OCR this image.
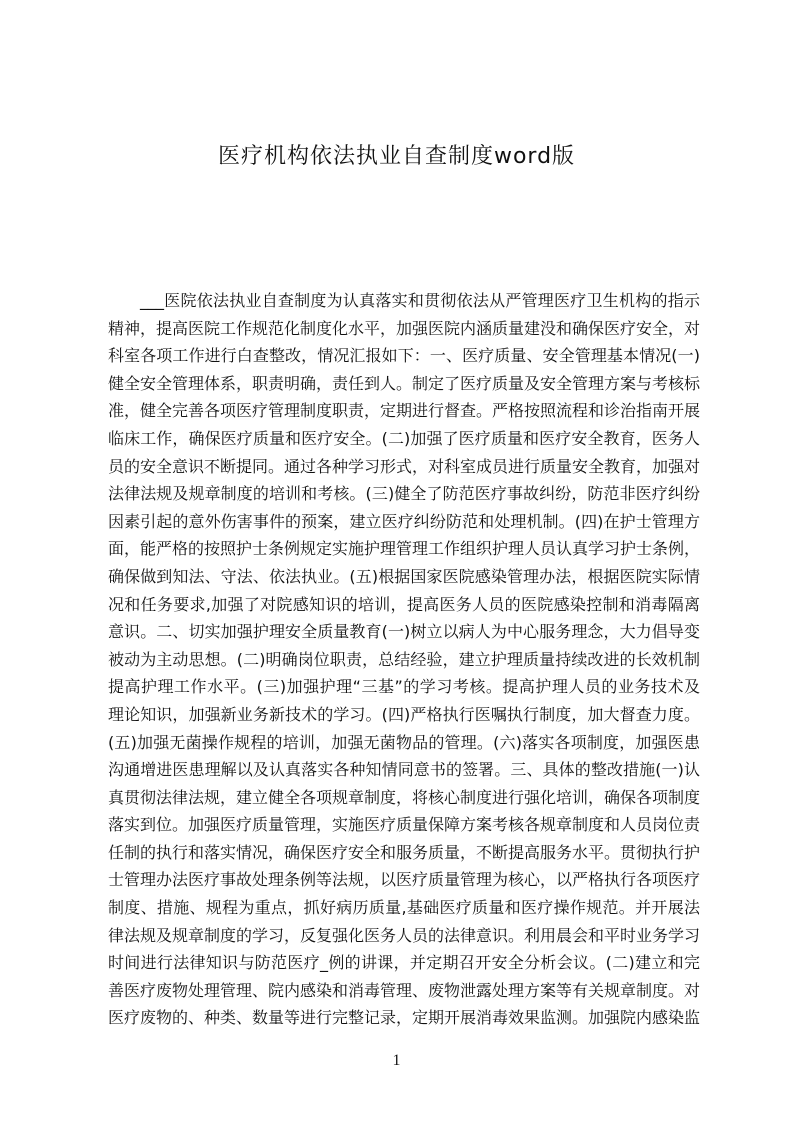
医疗机构依法执业自查制度word版
___医院依法执业自查制度为认真落实和贯彻依法从严管理医疗卫生机构的指示
精神，提高医院工作规范化制度化水平，加强医院内涵质量建没和确保医疗安全，对
科室各项工作进行白查整改，情况汇报如下：一、医疗质量、安全管理基本情况(一)
健全安全管理体系，职责明确，责任到人。制定了医疗质量及安全管理方案与考核标
准，健全完善各项医疗管理制度职责，定期进行督查。严格按照流程和诊治指南开展
临床工作，确保医疗质量和医疗安全。(二)加强了医疗质量和医疗安全教育，医务人
员的安全意识不断提同。通过各种学习形式，对科室成员进行质量安全教育，加强对
法律法规及规章制度的培训和考核。(三)健全了防范医疗事故纠纷，防范非医疗纠纷
因素引起的意外伤害事件的预案，建立医疗纠纷防范和处理机制。(四)在护士管理方
面，能严格的按照护士条例规定实施护理管理工作组织护理人员认真学习护士条例，
确保做到知法、守法、依法执业。(五)根据国家医院感染管理办法，根据医院实际情
况和任务要求,加强了对院感知识的培训，提高医务人员的医院感染控制和消毒隔离
意识。二、切实加强护理安全质量教育(一)树立以病人为中心服务理念，大力倡导变
被动为主动思想。(二)明确岗位职责，总结经验，建立护理质量持续改进的长效机制
提高护理工作水平。(三)加强护理“三基”的学习考核。提高护理人员的业务技术及
理论知识，加强新业务新技术的学习。(四)严格执行医嘱执行制度，加大督查力度。
(五)加强无菌操作规程的培训，加强无菌物品的管理。(六)落实各项制度，加强医患
沟通增进医患理解以及认真落实各种知情同意书的签署。三、具体的整改措施(一)认
真贯彻法律法规，建立健全各项规章制度，将核心制度进行强化培训，确保各项制度
落实到位。加强医疗质量管理，实施医疗质量保障方案考核各规章制度和人员岗位责
任制的执行和落实情况，确保医疗安全和服务质量，不断提高服务水平。贯彻执行护
士管理办法医疗事故处理条例等法规，以医疗质量管理为核心，以严格执行各项医疗
制度、措施、规程为重点，抓好病历质量,基础医疗质量和医疗操作规范。并开展法
律法规及规章制度的学习，反复强化医务人员的法律意识。利用晨会和平时业务学习
时间进行法律知识与防范医疗_例的讲课，并定期召开安全分析会议。(二)建立和完
善医疗废物处理管理、院内感染和消毒管理、废物泄露处理方案等有关规章制度。对
医疗废物的、种类、数量等进行完整记录，定期开展消毒效果监测。加强院内感染监
1
